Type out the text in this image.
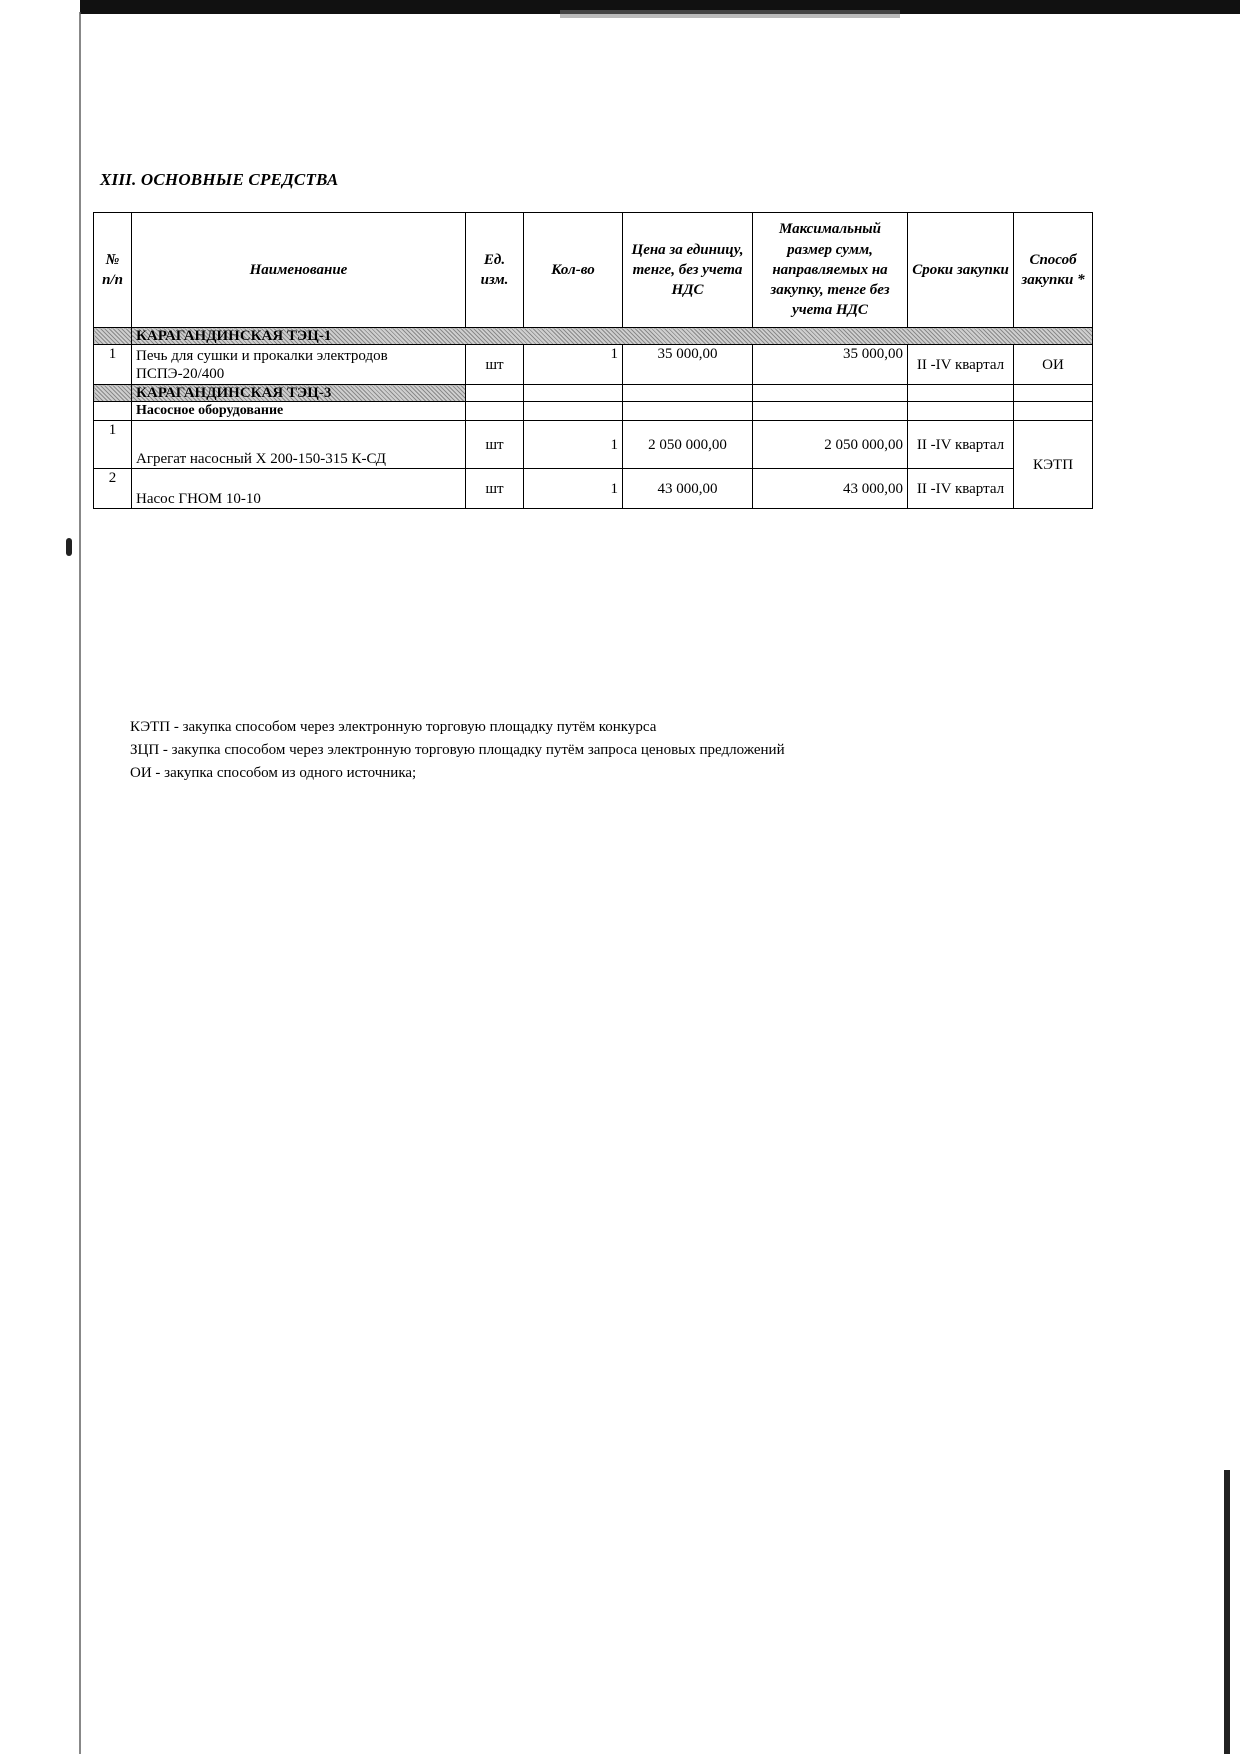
XIII. ОСНОВНЫЕ СРЕДСТВА
№ п/п	Наименование	Ед. изм.	Кол-во	Цена за единицу, тенге, без учета НДС	Максимальный размер сумм, направляемых на закупку, тенге без учета НДС	Сроки закупки	Способ закупки *
	КАРАГАНДИНСКАЯ ТЭЦ-1						
1	Печь для сушки и прокалки электродов ПСПЭ-20/400	шт	1	35 000,00	35 000,00	II -IV квартал	ОИ
	КАРАГАНДИНСКАЯ ТЭЦ-3						
	Насосное оборудование						
1	Агрегат насосный Х 200-150-315 К-СД	шт	1	2 050 000,00	2 050 000,00	II -IV квартал	КЭТП
2	Насос ГНОМ 10-10	шт	1	43 000,00	43 000,00	II -IV квартал	
КЭТП - закупка способом через электронную торговую площадку путём конкурса
ЗЦП - закупка способом через электронную торговую площадку путём запроса ценовых предложений
ОИ - закупка способом из одного источника;
